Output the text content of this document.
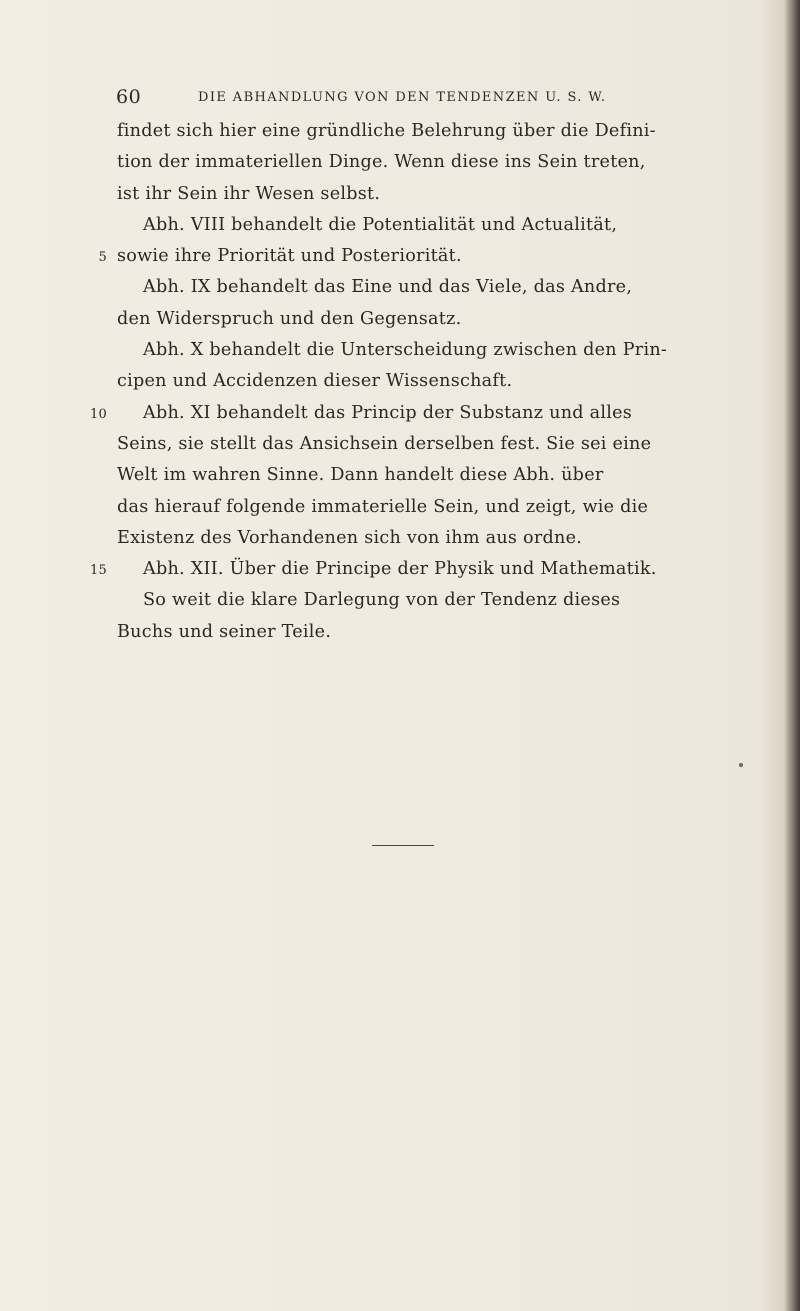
60	DIE ABHANDLUNG VON DEN TENDENZEN U. S. W.
findet sich hier eine gründliche Belehrung über die Defini-
tion der immateriellen Dinge. Wenn diese ins Sein treten,
ist ihr Sein ihr Wesen selbst.
Abh. VIII behandelt die Potentialität und Actualität,
5 sowie ihre Priorität und Posteriorität.
Abh. IX behandelt das Eine und das Viele, das Andre,
den Widerspruch und den Gegensatz.
Abh. X behandelt die Unterscheidung zwischen den Prin-
cipen und Accidenzen dieser Wissenschaft.
10 Abh. XI behandelt das Princip der Substanz und alles
Seins, sie stellt das Ansichsein derselben fest. Sie sei eine
Welt im wahren Sinne. Dann handelt diese Abh. über
das hierauf folgende immaterielle Sein, und zeigt, wie die
Existenz des Vorhandenen sich von ihm aus ordne.
15 Abh. XII. Über die Principe der Physik und Mathematik.
So weit die klare Darlegung von der Tendenz dieses
Buchs und seiner Teile.
